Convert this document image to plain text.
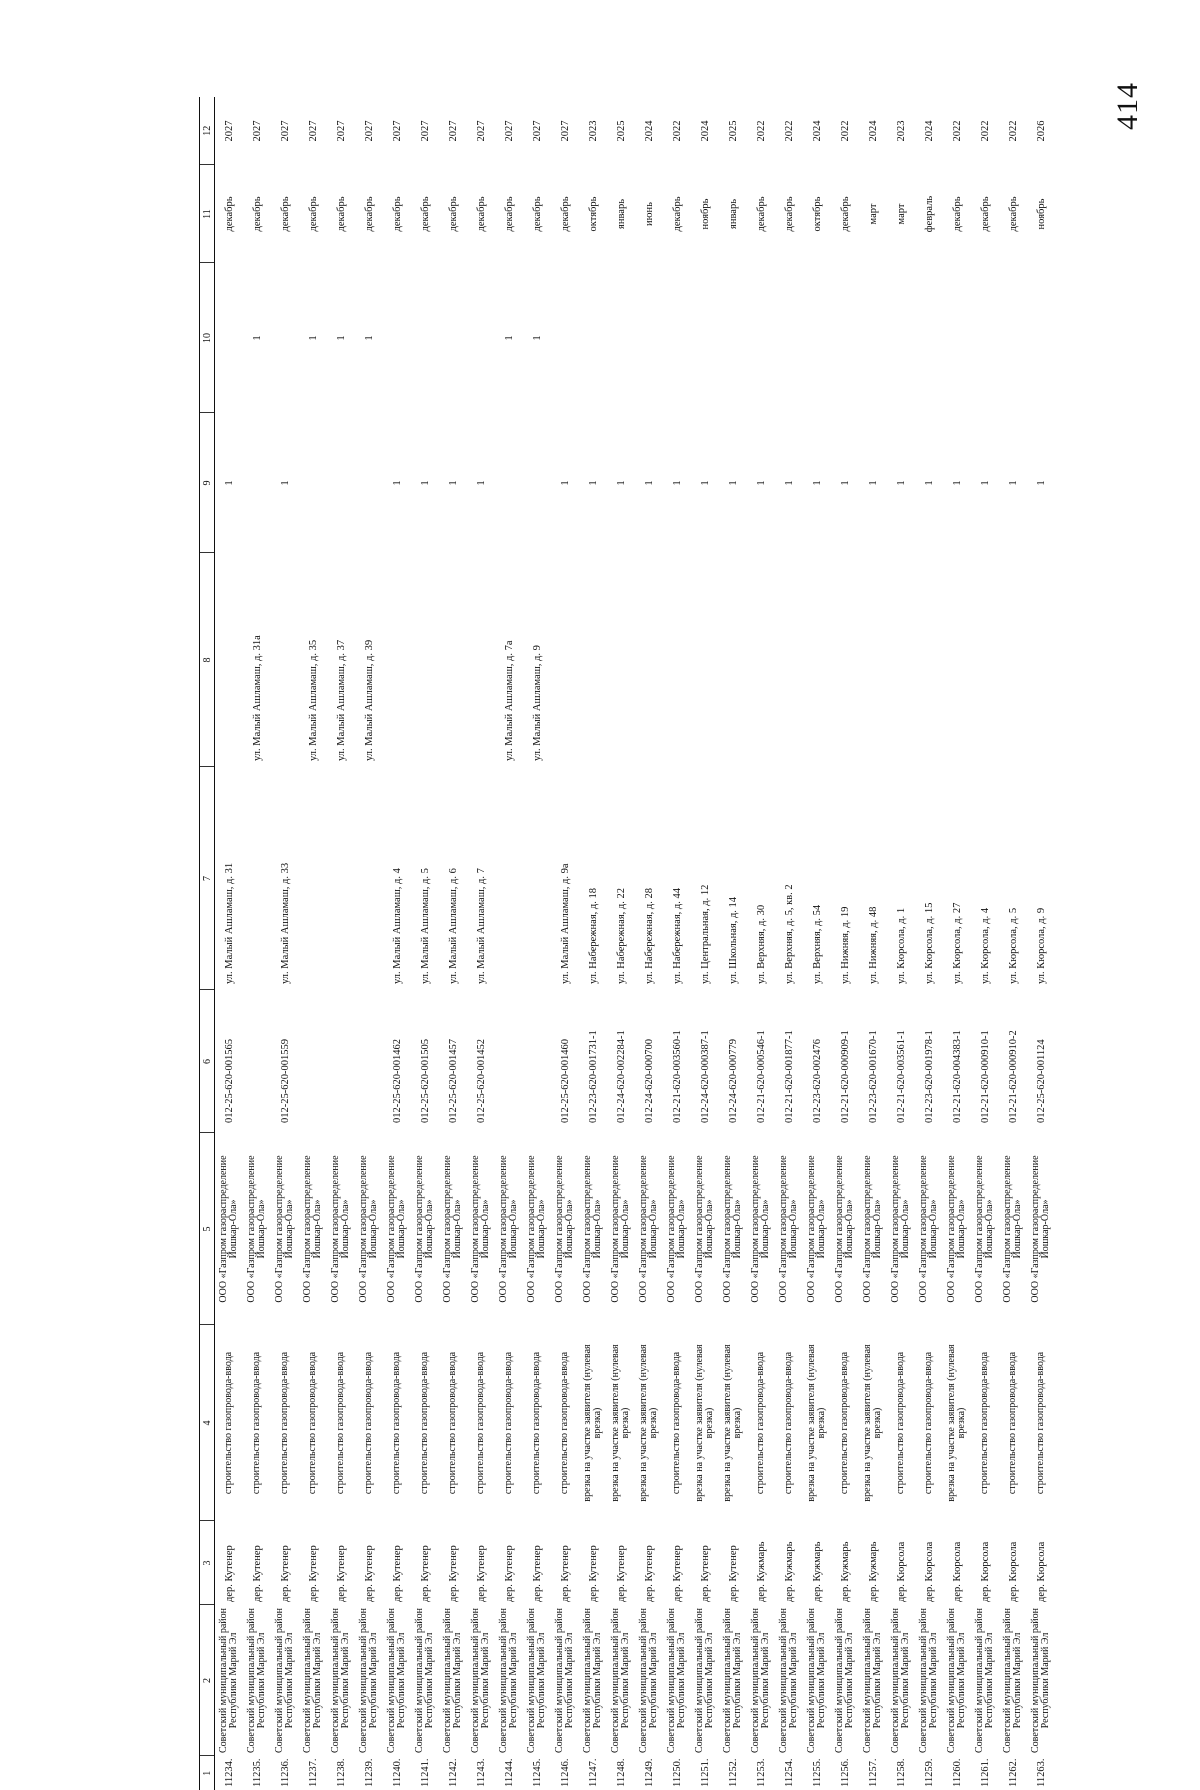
414
1	2	3	4	5	6	7	8	9	10	11	12
11234.	Советский муниципальный район Республики Марий Эл	дер. Кутенер	строительство газопровода-ввода	ООО «Газпром газораспределение Йошкар-Ола»	012-25-620-001565	ул. Малый Ашламаш, д. 31		1		декабрь	2027
11235.	Советский муниципальный район Республики Марий Эл	дер. Кутенер	строительство газопровода-ввода	ООО «Газпром газораспределение Йошкар-Ола»			ул. Малый Ашламаш, д. 31а		1	декабрь	2027
11236.	Советский муниципальный район Республики Марий Эл	дер. Кутенер	строительство газопровода-ввода	ООО «Газпром газораспределение Йошкар-Ола»	012-25-620-001559	ул. Малый Ашламаш, д. 33		1		декабрь	2027
11237.	Советский муниципальный район Республики Марий Эл	дер. Кутенер	строительство газопровода-ввода	ООО «Газпром газораспределение Йошкар-Ола»			ул. Малый Ашламаш, д. 35		1	декабрь	2027
11238.	Советский муниципальный район Республики Марий Эл	дер. Кутенер	строительство газопровода-ввода	ООО «Газпром газораспределение Йошкар-Ола»			ул. Малый Ашламаш, д. 37		1	декабрь	2027
11239.	Советский муниципальный район Республики Марий Эл	дер. Кутенер	строительство газопровода-ввода	ООО «Газпром газораспределение Йошкар-Ола»			ул. Малый Ашламаш, д. 39		1	декабрь	2027
11240.	Советский муниципальный район Республики Марий Эл	дер. Кутенер	строительство газопровода-ввода	ООО «Газпром газораспределение Йошкар-Ола»	012-25-620-001462	ул. Малый Ашламаш, д. 4		1		декабрь	2027
11241.	Советский муниципальный район Республики Марий Эл	дер. Кутенер	строительство газопровода-ввода	ООО «Газпром газораспределение Йошкар-Ола»	012-25-620-001505	ул. Малый Ашламаш, д. 5		1		декабрь	2027
11242.	Советский муниципальный район Республики Марий Эл	дер. Кутенер	строительство газопровода-ввода	ООО «Газпром газораспределение Йошкар-Ола»	012-25-620-001457	ул. Малый Ашламаш, д. 6		1		декабрь	2027
11243.	Советский муниципальный район Республики Марий Эл	дер. Кутенер	строительство газопровода-ввода	ООО «Газпром газораспределение Йошкар-Ола»	012-25-620-001452	ул. Малый Ашламаш, д. 7		1		декабрь	2027
11244.	Советский муниципальный район Республики Марий Эл	дер. Кутенер	строительство газопровода-ввода	ООО «Газпром газораспределение Йошкар-Ола»			ул. Малый Ашламаш, д. 7а		1	декабрь	2027
11245.	Советский муниципальный район Республики Марий Эл	дер. Кутенер	строительство газопровода-ввода	ООО «Газпром газораспределение Йошкар-Ола»			ул. Малый Ашламаш, д. 9		1	декабрь	2027
11246.	Советский муниципальный район Республики Марий Эл	дер. Кутенер	строительство газопровода-ввода	ООО «Газпром газораспределение Йошкар-Ола»	012-25-620-001460	ул. Малый Ашламаш, д. 9а		1		декабрь	2027
11247.	Советский муниципальный район Республики Марий Эл	дер. Кутенер	врезка на участке заявителя (нулевая врезка)	ООО «Газпром газораспределение Йошкар-Ола»	012-23-620-001731-1	ул. Набережная, д. 18		1		октябрь	2023
11248.	Советский муниципальный район Республики Марий Эл	дер. Кутенер	врезка на участке заявителя (нулевая врезка)	ООО «Газпром газораспределение Йошкар-Ола»	012-24-620-002284-1	ул. Набережная, д. 22		1		январь	2025
11249.	Советский муниципальный район Республики Марий Эл	дер. Кутенер	врезка на участке заявителя (нулевая врезка)	ООО «Газпром газораспределение Йошкар-Ола»	012-24-620-000700	ул. Набережная, д. 28		1		июнь	2024
11250.	Советский муниципальный район Республики Марий Эл	дер. Кутенер	строительство газопровода-ввода	ООО «Газпром газораспределение Йошкар-Ола»	012-21-620-003560-1	ул. Набережная, д. 44		1		декабрь	2022
11251.	Советский муниципальный район Республики Марий Эл	дер. Кутенер	врезка на участке заявителя (нулевая врезка)	ООО «Газпром газораспределение Йошкар-Ола»	012-24-620-000387-1	ул. Центральная, д. 12		1		ноябрь	2024
11252.	Советский муниципальный район Республики Марий Эл	дер. Кутенер	врезка на участке заявителя (нулевая врезка)	ООО «Газпром газораспределение Йошкар-Ола»	012-24-620-000779	ул. Школьная, д. 14		1		январь	2025
11253.	Советский муниципальный район Республики Марий Эл	дер. Кужмарь	строительство газопровода-ввода	ООО «Газпром газораспределение Йошкар-Ола»	012-21-620-000546-1	ул. Верхняя, д. 30		1		декабрь	2022
11254.	Советский муниципальный район Республики Марий Эл	дер. Кужмарь	строительство газопровода-ввода	ООО «Газпром газораспределение Йошкар-Ола»	012-21-620-001877-1	ул. Верхняя, д. 5, кв. 2		1		декабрь	2022
11255.	Советский муниципальный район Республики Марий Эл	дер. Кужмарь	врезка на участке заявителя (нулевая врезка)	ООО «Газпром газораспределение Йошкар-Ола»	012-23-620-002476	ул. Верхняя, д. 54		1		октябрь	2024
11256.	Советский муниципальный район Республики Марий Эл	дер. Кужмарь	строительство газопровода-ввода	ООО «Газпром газораспределение Йошкар-Ола»	012-21-620-000909-1	ул. Нижняя, д. 19		1		декабрь	2022
11257.	Советский муниципальный район Республики Марий Эл	дер. Кужмарь	врезка на участке заявителя (нулевая врезка)	ООО «Газпром газораспределение Йошкар-Ола»	012-23-620-001670-1	ул. Нижняя, д. 48		1		март	2024
11258.	Советский муниципальный район Республики Марий Эл	дер. Кюрсола	строительство газопровода-ввода	ООО «Газпром газораспределение Йошкар-Ола»	012-21-620-003561-1	ул. Кюрсола, д. 1		1		март	2023
11259.	Советский муниципальный район Республики Марий Эл	дер. Кюрсола	строительство газопровода-ввода	ООО «Газпром газораспределение Йошкар-Ола»	012-23-620-001978-1	ул. Кюрсола, д. 15		1		февраль	2024
11260.	Советский муниципальный район Республики Марий Эл	дер. Кюрсола	врезка на участке заявителя (нулевая врезка)	ООО «Газпром газораспределение Йошкар-Ола»	012-21-620-004383-1	ул. Кюрсола, д. 27		1		декабрь	2022
11261.	Советский муниципальный район Республики Марий Эл	дер. Кюрсола	строительство газопровода-ввода	ООО «Газпром газораспределение Йошкар-Ола»	012-21-620-000910-1	ул. Кюрсола, д. 4		1		декабрь	2022
11262.	Советский муниципальный район Республики Марий Эл	дер. Кюрсола	строительство газопровода-ввода	ООО «Газпром газораспределение Йошкар-Ола»	012-21-620-000910-2	ул. Кюрсола, д. 5		1		декабрь	2022
11263.	Советский муниципальный район Республики Марий Эл	дер. Кюрсола	строительство газопровода-ввода	ООО «Газпром газораспределение Йошкар-Ола»	012-25-620-001124	ул. Кюрсола, д. 9		1		ноябрь	2026
